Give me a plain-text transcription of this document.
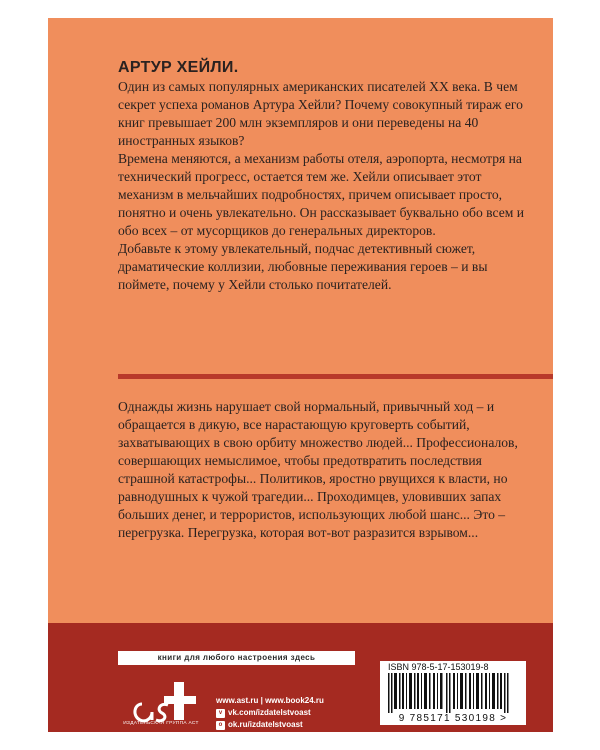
АРТУР ХЕЙЛИ.

Один из самых популярных американских писателей XX века. В чем секрет успеха романов Артура Хейли? Почему совокупный тираж его книг превышает 200 млн экземпляров и они переведены на 40 иностранных языков?

Времена меняются, а механизм работы отеля, аэропорта, несмотря на технический прогресс, остается тем же. Хейли описывает этот механизм в мельчайших подробностях, причем описывает просто, понятно и очень увлекательно. Он рассказывает буквально обо всем и обо всех – от мусорщиков до генеральных директоров.

Добавьте к этому увлекательный, подчас детективный сюжет, драматические коллизии, любовные переживания героев – и вы поймете, почему у Хейли столько почитателей.

Однажды жизнь нарушает свой нормальный, привычный ход – и обращается в дикую, все нарастающую круговерть событий, захватывающих в свою орбиту множество людей... Профессионалов, совершающих немыслимое, чтобы предотвратить последствия страшной катастрофы... Политиков, яростно рвущихся к власти, но равнодушных к чужой трагедии... Проходимцев, уловивших запах больших денег, и террористов, использующих любой шанс... Это – перегрузка. Перегрузка, которая вот-вот разразится взрывом...

книги для любого настроения здесь
ИЗДАТЕЛЬСКАЯ ГРУППА АСТ
www.ast.ru | www.book24.ru
v vk.com/izdatelstvoast
o ok.ru/izdatelstvoast
ISBN 978-5-17-153019-8
9 785171 530198 >
